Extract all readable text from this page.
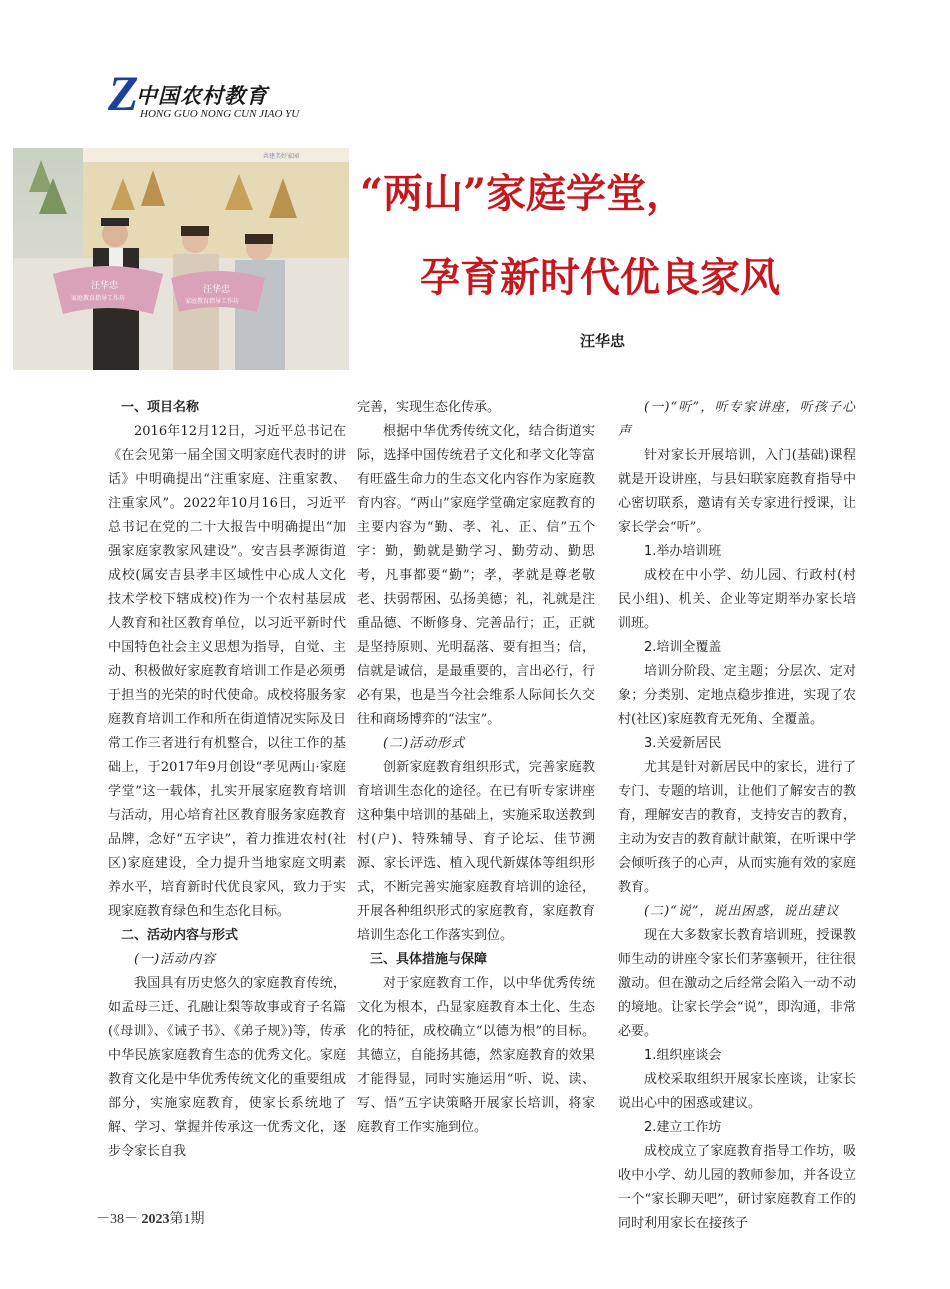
Z
中国农村教育
HONG GUO NONG CUN JIAO YU
共建美好家园
汪华忠
家庭教育指导工作坊
汪华忠
家庭教育指导工作坊
“两山”家庭学堂，
孕育新时代优良家风
汪华忠

一、项目名称

2016年12月12日，习近平总书记在《在会见第一届全国文明家庭代表时的讲话》中明确提出“注重家庭、注重家教、注重家风”。2022年10月16日，习近平总书记在党的二十大报告中明确提出“加强家庭家教家风建设”。安吉县孝源街道成校(属安吉县孝丰区域性中心成人文化技术学校下辖成校)作为一个农村基层成人教育和社区教育单位，以习近平新时代中国特色社会主义思想为指导，自觉、主动、积极做好家庭教育培训工作是必须勇于担当的光荣的时代使命。成校将服务家庭教育培训工作和所在街道情况实际及日常工作三者进行有机整合，以往工作的基础上，于2017年9月创设“孝见两山·家庭学堂”这一载体，扎实开展家庭教育培训与活动，用心培育社区教育服务家庭教育品牌，念好“五字诀”，着力推进农村(社区)家庭建设，全力提升当地家庭文明素养水平，培育新时代优良家风，致力于实现家庭教育绿色和生态化目标。

二、活动内容与形式

(一)活动内容

我国具有历史悠久的家庭教育传统，如孟母三迁、孔融让梨等故事或育子名篇(《母训》、《诫子书》、《弟子规》)等，传承中华民族家庭教育生态的优秀文化。家庭教育文化是中华优秀传统文化的重要组成部分，实施家庭教育，使家长系统地了解、学习、掌握并传承这一优秀文化，逐步令家长自我

完善，实现生态化传承。

根据中华优秀传统文化，结合街道实际，选择中国传统君子文化和孝文化等富有旺盛生命力的生态文化内容作为家庭教育内容。“两山”家庭学堂确定家庭教育的主要内容为“勤、孝、礼、正、信”五个字：勤，勤就是勤学习、勤劳动、勤思考，凡事都要“勤”；孝，孝就是尊老敬老、扶弱帮困、弘扬美德；礼，礼就是注重品德、不断修身、完善品行；正，正就是坚持原则、光明磊落、要有担当；信，信就是诚信，是最重要的，言出必行，行必有果，也是当今社会维系人际间长久交往和商场博弈的“法宝”。

(二)活动形式

创新家庭教育组织形式，完善家庭教育培训生态化的途径。在已有听专家讲座这种集中培训的基础上，实施采取送教到村(户)、特殊辅导、育子论坛、佳节溯源、家长评选、植入现代新媒体等组织形式，不断完善实施家庭教育培训的途径，开展各种组织形式的家庭教育，家庭教育培训生态化工作落实到位。

三、具体措施与保障

对于家庭教育工作，以中华优秀传统文化为根本，凸显家庭教育本土化、生态化的特征，成校确立“以德为根”的目标。其德立，自能扬其德，然家庭教育的效果才能得显，同时实施运用“听、说、读、写、悟”五字诀策略开展家长培训，将家庭教育工作实施到位。

(一)“听”，听专家讲座，听孩子心声

针对家长开展培训，入门(基础)课程就是开设讲座，与县妇联家庭教育指导中心密切联系，邀请有关专家进行授课，让家长学会“听”。

1.举办培训班

成校在中小学、幼儿园、行政村(村民小组)、机关、企业等定期举办家长培训班。

2.培训全覆盖

培训分阶段、定主题；分层次、定对象；分类别、定地点稳步推进，实现了农村(社区)家庭教育无死角、全覆盖。

3.关爱新居民

尤其是针对新居民中的家长，进行了专门、专题的培训，让他们了解安吉的教育，理解安吉的教育，支持安吉的教育，主动为安吉的教育献计献策，在听课中学会倾听孩子的心声，从而实施有效的家庭教育。

(二)“说”，说出困惑，说出建议

现在大多数家长教育培训班，授课教师生动的讲座令家长们茅塞顿开，往往很激动。但在激动之后经常会陷入一动不动的境地。让家长学会“说”，即沟通，非常必要。

1.组织座谈会

成校采取组织开展家长座谈，让家长说出心中的困惑或建议。

2.建立工作坊

成校成立了家庭教育指导工作坊，吸收中小学、幼儿园的教师参加，并各设立一个“家长聊天吧”，研讨家庭教育工作的同时利用家长在接孩子

－38－ 2023第1期
